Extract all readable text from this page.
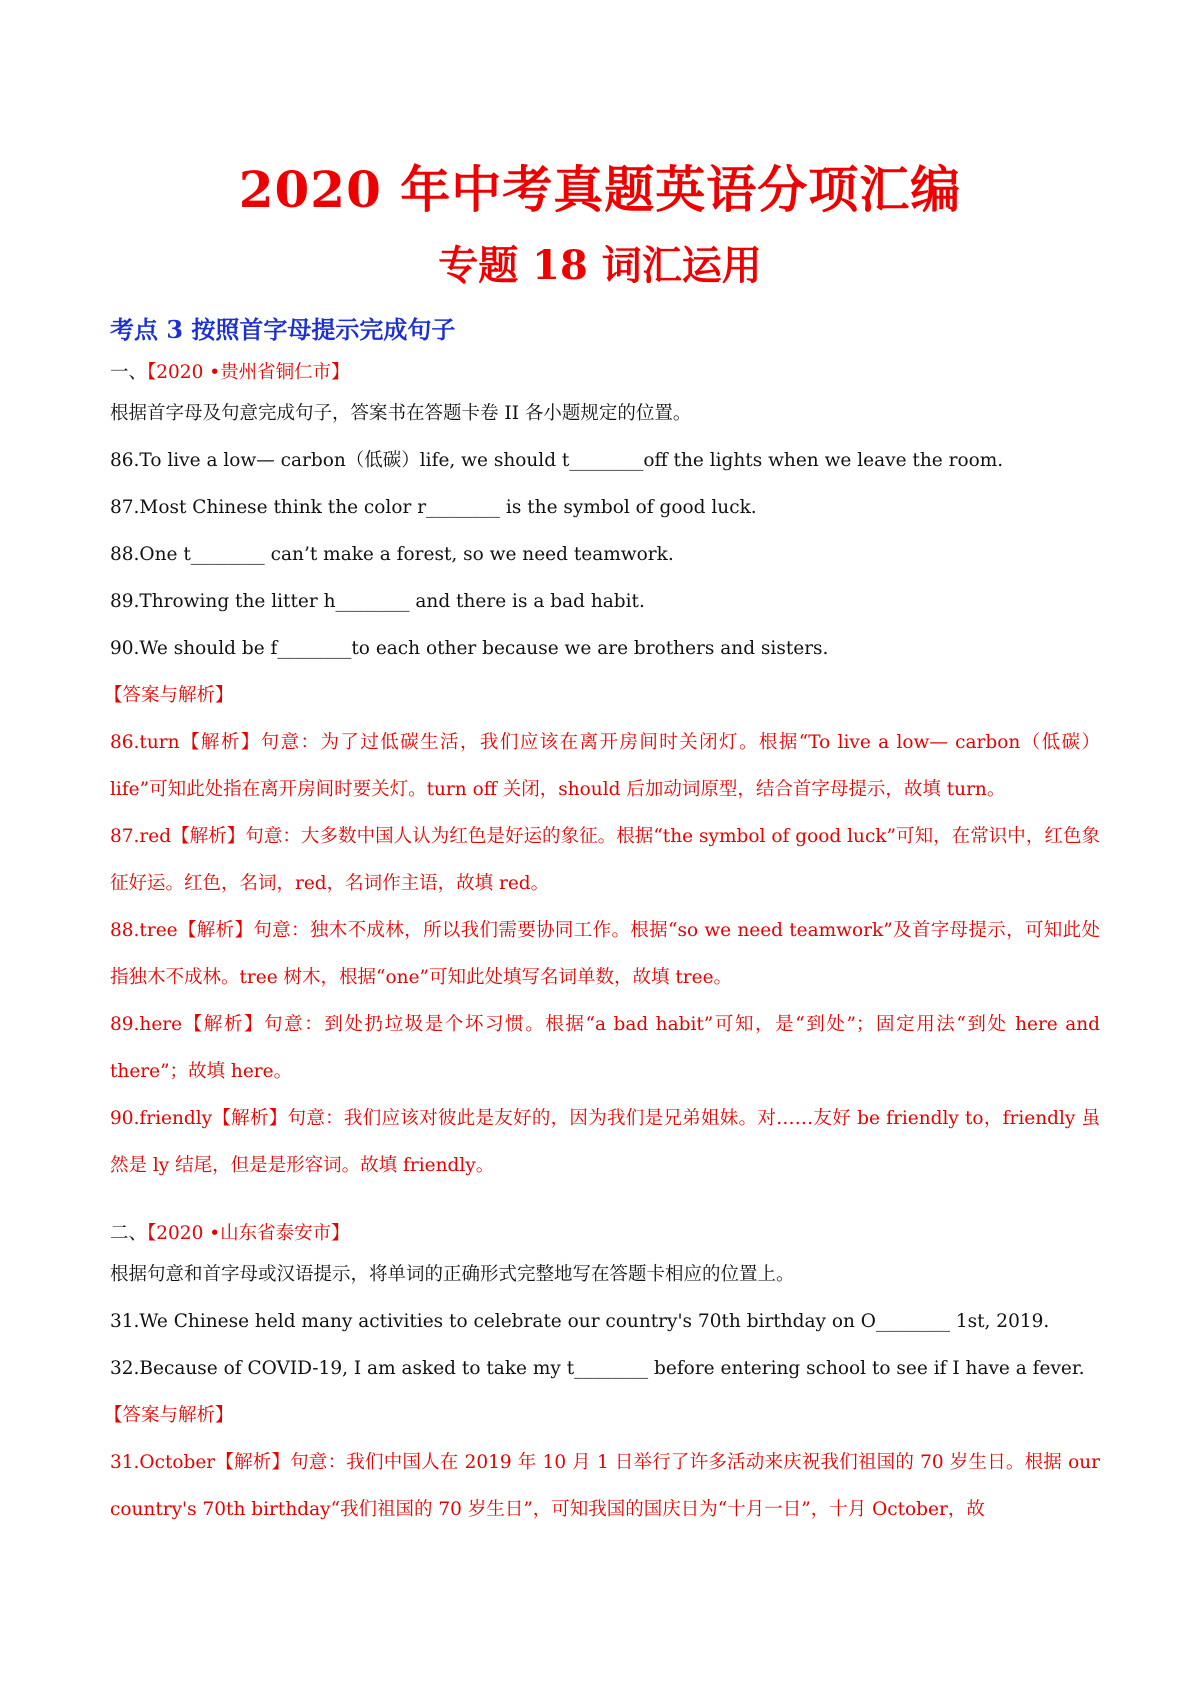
2020 年中考真题英语分项汇编
专题 18 词汇运用
考点 3 按照首字母提示完成句子

一、【2020 •贵州省铜仁市】

根据首字母及句意完成句子，答案书在答题卡卷 II 各小题规定的位置。

86.To live a low— carbon（低碳）life, we should t________off the lights when we leave the room.

87.Most Chinese think the color r________ is the symbol of good luck.

88.One t________ can’t make a forest, so we need teamwork.

89.Throwing the litter h________ and there is a bad habit.

90.We should be f________to each other because we are brothers and sisters.

【答案与解析】

86.turn【解析】句意：为了过低碳生活，我们应该在离开房间时关闭灯。根据“To live a low— carbon（低碳）life”可知此处指在离开房间时要关灯。turn off 关闭，should 后加动词原型，结合首字母提示，故填 turn。

87.red【解析】句意：大多数中国人认为红色是好运的象征。根据“the symbol of good luck”可知，在常识中，红色象征好运。红色，名词，red，名词作主语，故填 red。

88.tree【解析】句意：独木不成林，所以我们需要协同工作。根据“so we need teamwork”及首字母提示，可知此处指独木不成林。tree 树木，根据“one”可知此处填写名词单数，故填 tree。

89.here【解析】句意：到处扔垃圾是个坏习惯。根据“a bad habit”可知，是“到处”；固定用法“到处 here and there”；故填 here。

90.friendly【解析】句意：我们应该对彼此是友好的，因为我们是兄弟姐妹。对……友好 be friendly to，friendly 虽然是 ly 结尾，但是是形容词。故填 friendly。

二、【2020 •山东省泰安市】

根据句意和首字母或汉语提示，将单词的正确形式完整地写在答题卡相应的位置上。

31.We Chinese held many activities to celebrate our country's 70th birthday on O________ 1st, 2019.

32.Because of COVID-19, I am asked to take my t________ before entering school to see if I have a fever.

【答案与解析】

31.October【解析】句意：我们中国人在 2019 年 10 月 1 日举行了许多活动来庆祝我们祖国的 70 岁生日。根据 our country's 70th birthday“我们祖国的 70 岁生日”，可知我国的国庆日为“十月一日”，十月 October，故
